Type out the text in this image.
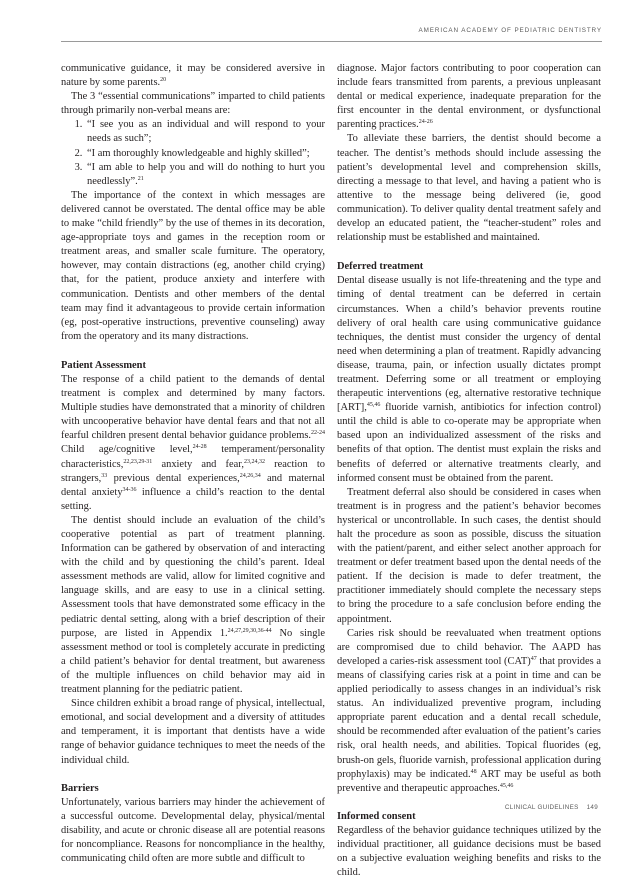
AMERICAN ACADEMY OF PEDIATRIC DENTISTRY

communicative guidance, it may be considered aversive in nature by some parents.$^{20}$

The 3 “essential communications” imparted to child patients through primarily non-verbal means are:

1. “I see you as an individual and will respond to your needs as such”;
2. “I am thoroughly knowledgeable and highly skilled”;
3. “I am able to help you and will do nothing to hurt you needlessly”.$^{21}$

The importance of the context in which messages are delivered cannot be overstated. The dental office may be able to make “child friendly” by the use of themes in its decoration, age-appropriate toys and games in the reception room or treatment areas, and smaller scale furniture. The operatory, however, may contain distractions (eg, another child crying) that, for the patient, produce anxiety and interfere with communication. Dentists and other members of the dental team may find it advantageous to provide certain information (eg, post-operative instructions, preventive counseling) away from the operatory and its many distractions.

Patient Assessment

The response of a child patient to the demands of dental treatment is complex and determined by many factors. Multiple studies have demonstrated that a minority of children with uncooperative behavior have dental fears and that not all fearful children present dental behavior guidance problems.$^{22-24}$ Child age/cognitive level,$^{24-28}$ temperament/personality characteristics,$^{22,23,29-31}$ anxiety and fear,$^{23,24,32}$ reaction to strangers,$^{33}$ previous dental experiences,$^{24,26,34}$ and maternal dental anxiety$^{34-36}$ influence a child’s reaction to the dental setting.

The dentist should include an evaluation of the child’s cooperative potential as part of treatment planning. Information can be gathered by observation of and interacting with the child and by questioning the child’s parent. Ideal assessment methods are valid, allow for limited cognitive and language skills, and are easy to use in a clinical setting. Assessment tools that have demonstrated some efficacy in the pediatric dental setting, along with a brief description of their purpose, are listed in Appendix 1.$^{24,27,29,30,36-44}$ No single assessment method or tool is completely accurate in predicting a child patient’s behavior for dental treatment, but awareness of the multiple influences on child behavior may aid in treatment planning for the pediatric patient.

Since children exhibit a broad range of physical, intellectual, emotional, and social development and a diversity of attitudes and temperament, it is important that dentists have a wide range of behavior guidance techniques to meet the needs of the individual child.

Barriers

Unfortunately, various barriers may hinder the achievement of a successful outcome. Developmental delay, physical/mental disability, and acute or chronic disease all are potential reasons for noncompliance. Reasons for noncompliance in the healthy, communicating child often are more subtle and difficult to

diagnose. Major factors contributing to poor cooperation can include fears transmitted from parents, a previous unpleasant dental or medical experience, inadequate preparation for the first encounter in the dental environment, or dysfunctional parenting practices.$^{24-26}$

To alleviate these barriers, the dentist should become a teacher. The dentist’s methods should include assessing the patient’s developmental level and comprehension skills, directing a message to that level, and having a patient who is attentive to the message being delivered (ie, good communication). To deliver quality dental treatment safely and develop an educated patient, the “teacher-student” roles and relationship must be established and maintained.

Deferred treatment

Dental disease usually is not life-threatening and the type and timing of dental treatment can be deferred in certain circumstances. When a child’s behavior prevents routine delivery of oral health care using communicative guidance techniques, the dentist must consider the urgency of dental need when determining a plan of treatment. Rapidly advancing disease, trauma, pain, or infection usually dictates prompt treatment. Deferring some or all treatment or employing therapeutic interventions (eg, alternative restorative technique [ART],$^{45,46}$ fluoride varnish, antibiotics for infection control) until the child is able to co-operate may be appropriate when based upon an individualized assessment of the risks and benefits of that option. The dentist must explain the risks and benefits of deferred or alternative treatments clearly, and informed consent must be obtained from the parent.

Treatment deferral also should be considered in cases when treatment is in progress and the patient’s behavior becomes hysterical or uncontrollable. In such cases, the dentist should halt the procedure as soon as possible, discuss the situation with the patient/parent, and either select another approach for treatment or defer treatment based upon the dental needs of the patient. If the decision is made to defer treatment, the practitioner immediately should complete the necessary steps to bring the procedure to a safe conclusion before ending the appointment.

Caries risk should be reevaluated when treatment options are compromised due to child behavior. The AAPD has developed a caries-risk assessment tool (CAT)$^{47}$ that provides a means of classifying caries risk at a point in time and can be applied periodically to assess changes in an individual’s risk status. An individualized preventive program, including appropriate parent education and a dental recall schedule, should be recommended after evaluation of the patient’s caries risk, oral health needs, and abilities. Topical fluorides (eg, brush-on gels, fluoride varnish, professional application during prophylaxis) may be indicated.$^{48}$ ART may be useful as both preventive and therapeutic approaches.$^{45,46}$

Informed consent

Regardless of the behavior guidance techniques utilized by the individual practitioner, all guidance decisions must be based on a subjective evaluation weighing benefits and risks to the child.

CLINICAL GUIDELINES 149
